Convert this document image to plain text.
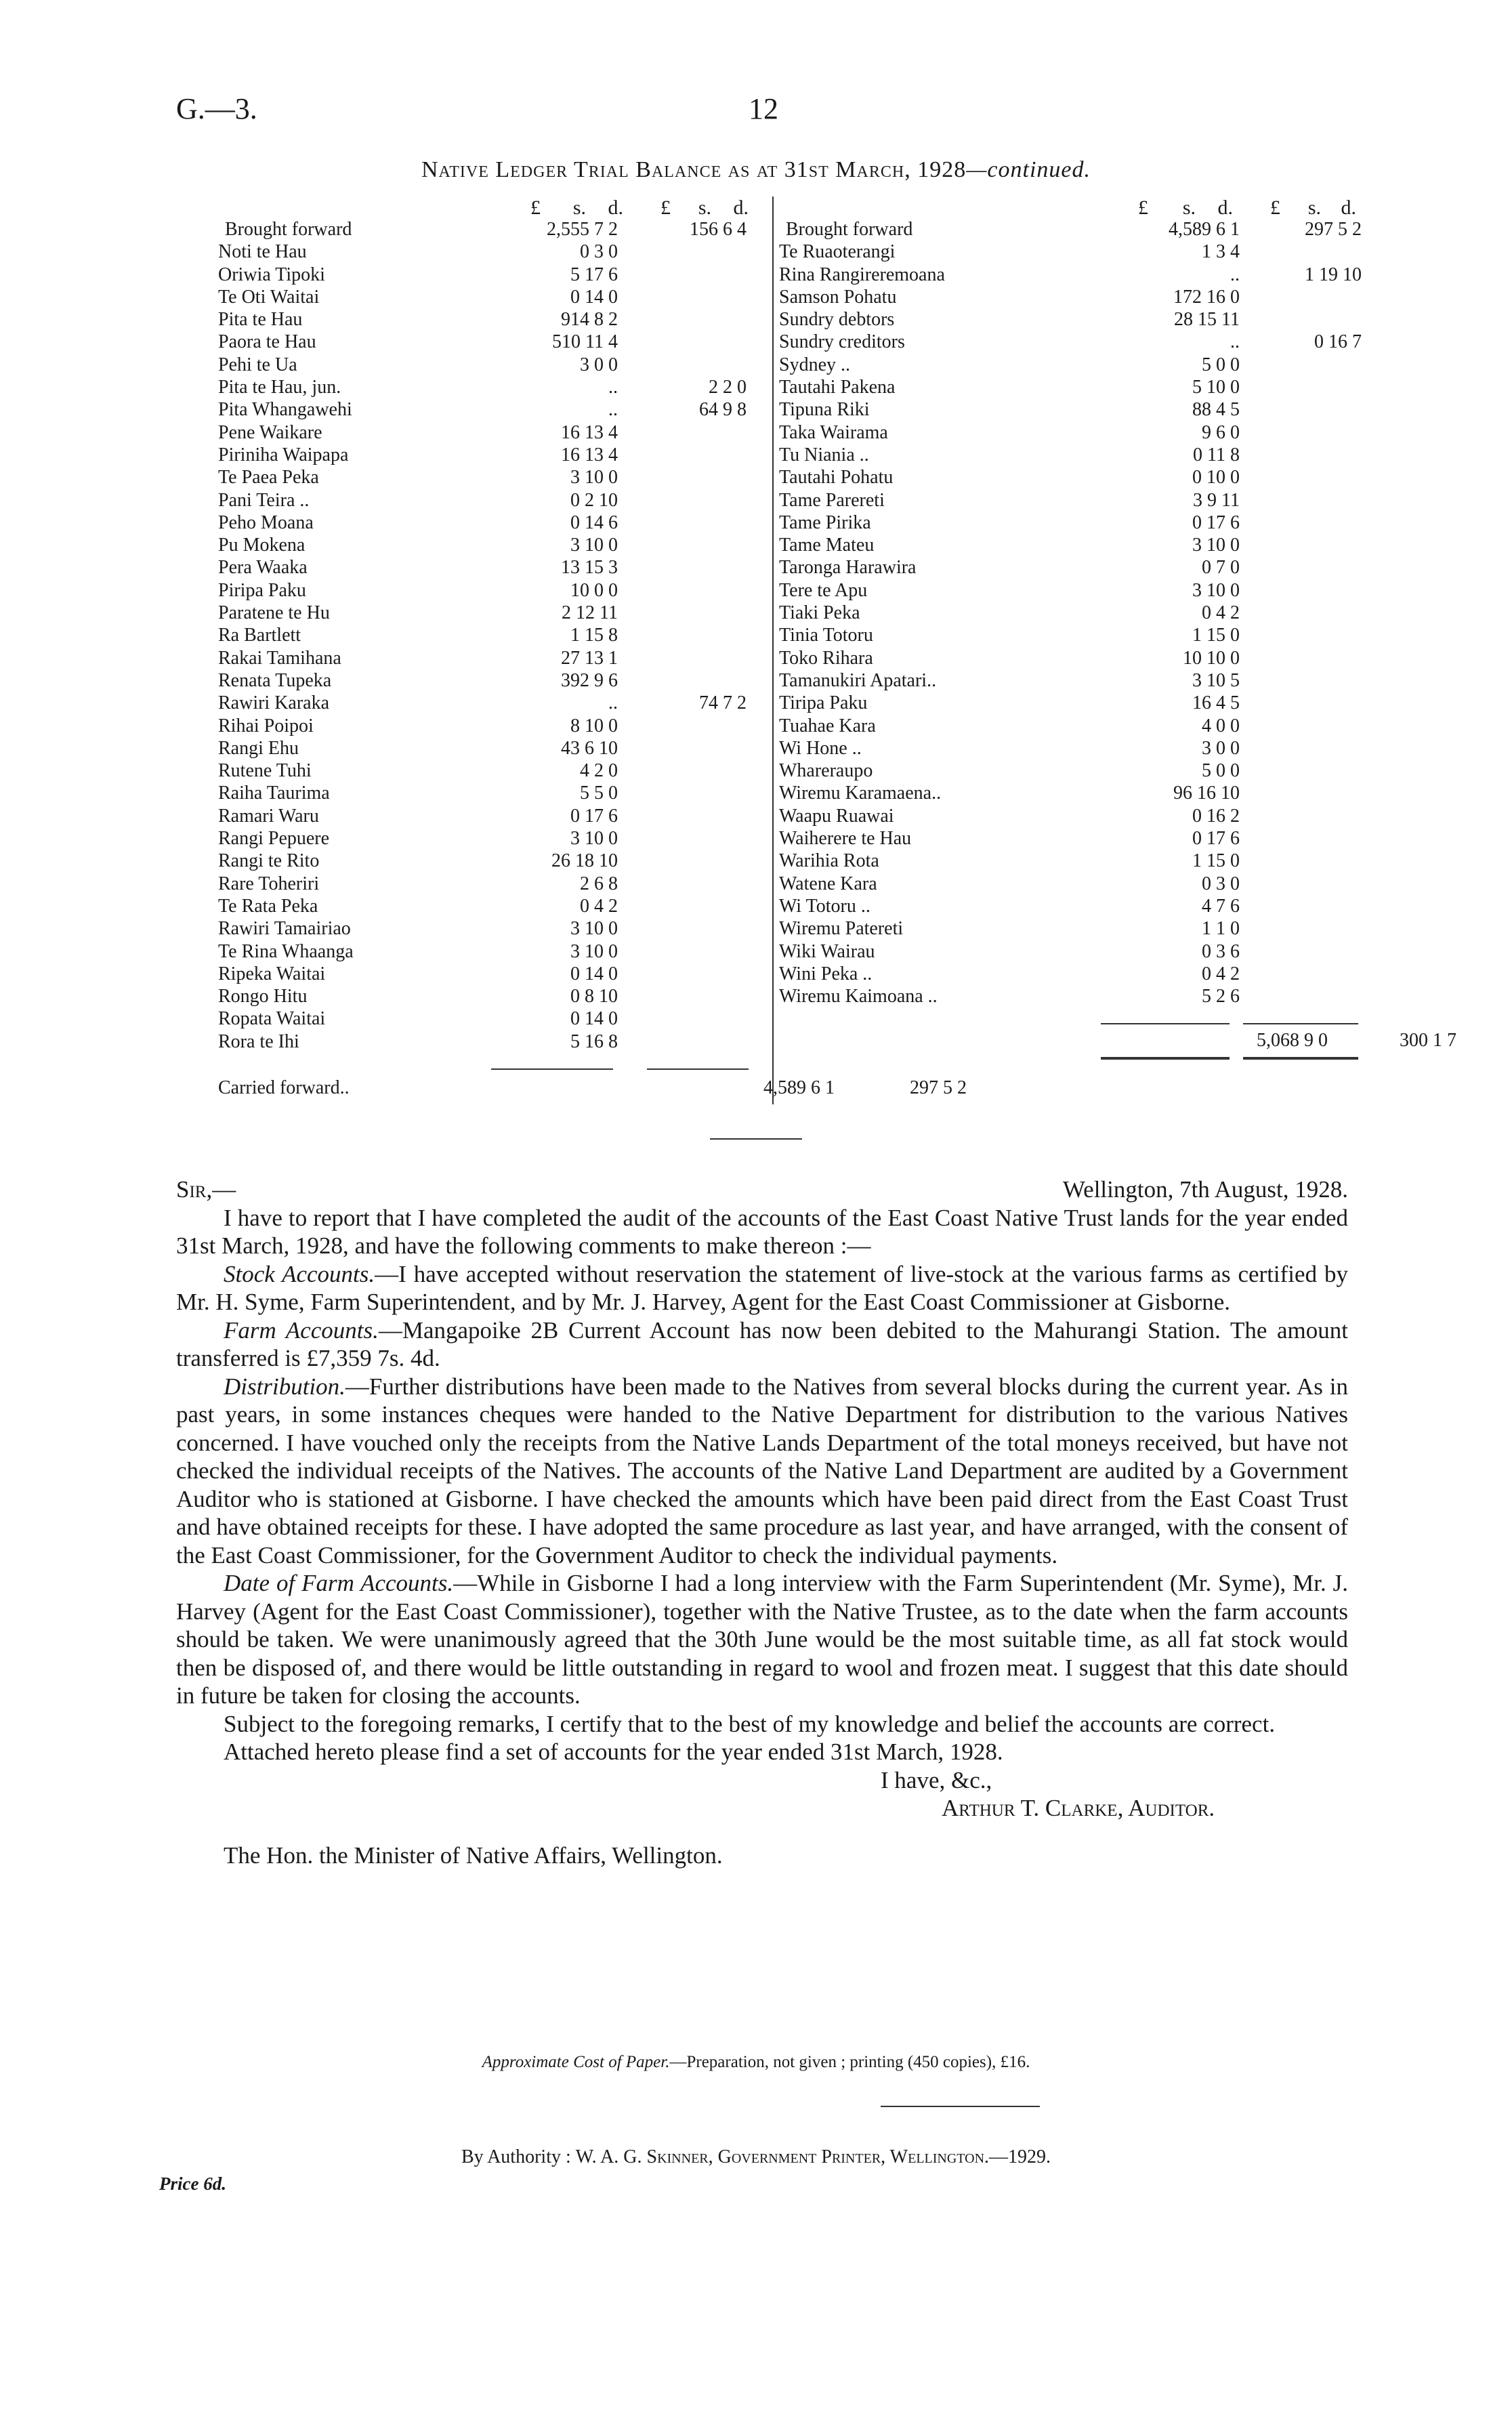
G.—3.	12
Native Ledger Trial Balance as at 31st March, 1928—continued.
£	s.	d.	£	s.	d.	£	s.	d.	£	s. d.
Brought forward	2,555 7 2	156 6 4
Noti te Hau	0 3 0
Oriwia Tipoki	5 17 6
Te Oti Waitai	0 14 0
Pita te Hau	914 8 2
Paora te Hau	510 11 4
Pehi te Ua	3 0 0
Pita te Hau, jun.	..	2 2 0
Pita Whangawehi	..	64 9 8
Pene Waikare	16 13 4
Piriniha Waipapa	16 13 4
Te Paea Peka	3 10 0
Pani Teira ..	0 2 10
Peho Moana	0 14 6
Pu Mokena	3 10 0
Pera Waaka	13 15 3
Piripa Paku	10 0 0
Paratene te Hu	2 12 11
Ra Bartlett	1 15 8
Rakai Tamihana	27 13 1
Renata Tupeka	392 9 6
Rawiri Karaka	..	74 7 2
Rihai Poipoi	8 10 0
Rangi Ehu	43 6 10
Rutene Tuhi	4 2 0
Raiha Taurima	5 5 0
Ramari Waru	0 17 6
Rangi Pepuere	3 10 0
Rangi te Rito	26 18 10
Rare Toheriri	2 6 8
Te Rata Peka	0 4 2
Rawiri Tamairiao	3 10 0
Te Rina Whaanga	3 10 0
Ripeka Waitai	0 14 0
Rongo Hitu	0 8 10
Ropata Waitai	0 14 0
Rora te Ihi	5 16 8
Brought forward	4,589 6 1	297 5 2
Te Ruaoterangi	1 3 4
Rina Rangireremoana	..	1 19 10
Samson Pohatu	172 16 0
Sundry debtors	28 15 11
Sundry creditors	..	0 16 7
Sydney ..	5 0 0
Tautahi Pakena	5 10 0
Tipuna Riki	88 4 5
Taka Wairama	9 6 0
Tu Niania ..	0 11 8
Tautahi Pohatu	0 10 0
Tame Parereti	3 9 11
Tame Pirika	0 17 6
Tame Mateu	3 10 0
Taronga Harawira	0 7 0
Tere te Apu	3 10 0
Tiaki Peka	0 4 2
Tinia Totoru	1 15 0
Toko Rihara	10 10 0
Tamanukiri Apatari..	3 10 5
Tiripa Paku	16 4 5
Tuahae Kara	4 0 0
Wi Hone ..	3 0 0
Whareraupo	5 0 0
Wiremu Karamaena..	96 16 10
Waapu Ruawai	0 16 2
Waiherere te Hau	0 17 6
Warihia Rota	1 15 0
Watene Kara	0 3 0
Wi Totoru ..	4 7 6
Wiremu Patereti	1 1 0
Wiki Wairau	0 3 6
Wini Peka ..	0 4 2
Wiremu Kaimoana ..	5 2 6
Carried forward..	4,589 6 1	297 5 2
5,068 9 0	300 1 7
Sir,—	Wellington, 7th August, 1928.

I have to report that I have completed the audit of the accounts of the East Coast Native Trust lands for the year ended 31st March, 1928, and have the following comments to make thereon :—

Stock Accounts.—I have accepted without reservation the statement of live-stock at the various farms as certified by Mr. H. Syme, Farm Superintendent, and by Mr. J. Harvey, Agent for the East Coast Commissioner at Gisborne.

Farm Accounts.—Mangapoike 2B Current Account has now been debited to the Mahurangi Station. The amount transferred is £7,359 7s. 4d.

Distribution.—Further distributions have been made to the Natives from several blocks during the current year. As in past years, in some instances cheques were handed to the Native Department for distribution to the various Natives concerned. I have vouched only the receipts from the Native Lands Department of the total moneys received, but have not checked the individual receipts of the Natives. The accounts of the Native Land Department are audited by a Government Auditor who is stationed at Gisborne. I have checked the amounts which have been paid direct from the East Coast Trust and have obtained receipts for these. I have adopted the same procedure as last year, and have arranged, with the consent of the East Coast Commissioner, for the Government Auditor to check the individual payments.

Date of Farm Accounts.—While in Gisborne I had a long interview with the Farm Superintendent (Mr. Syme), Mr. J. Harvey (Agent for the East Coast Commissioner), together with the Native Trustee, as to the date when the farm accounts should be taken. We were unanimously agreed that the 30th June would be the most suitable time, as all fat stock would then be disposed of, and there would be little outstanding in regard to wool and frozen meat. I suggest that this date should in future be taken for closing the accounts.

Subject to the foregoing remarks, I certify that to the best of my knowledge and belief the accounts are correct.

Attached hereto please find a set of accounts for the year ended 31st March, 1928.

I have, &c.,

Arthur T. Clarke, Auditor.

The Hon. the Minister of Native Affairs, Wellington.

Approximate Cost of Paper.—Preparation, not given ; printing (450 copies), £16.
By Authority : W. A. G. Skinner, Government Printer, Wellington.—1929.
Price 6d.
